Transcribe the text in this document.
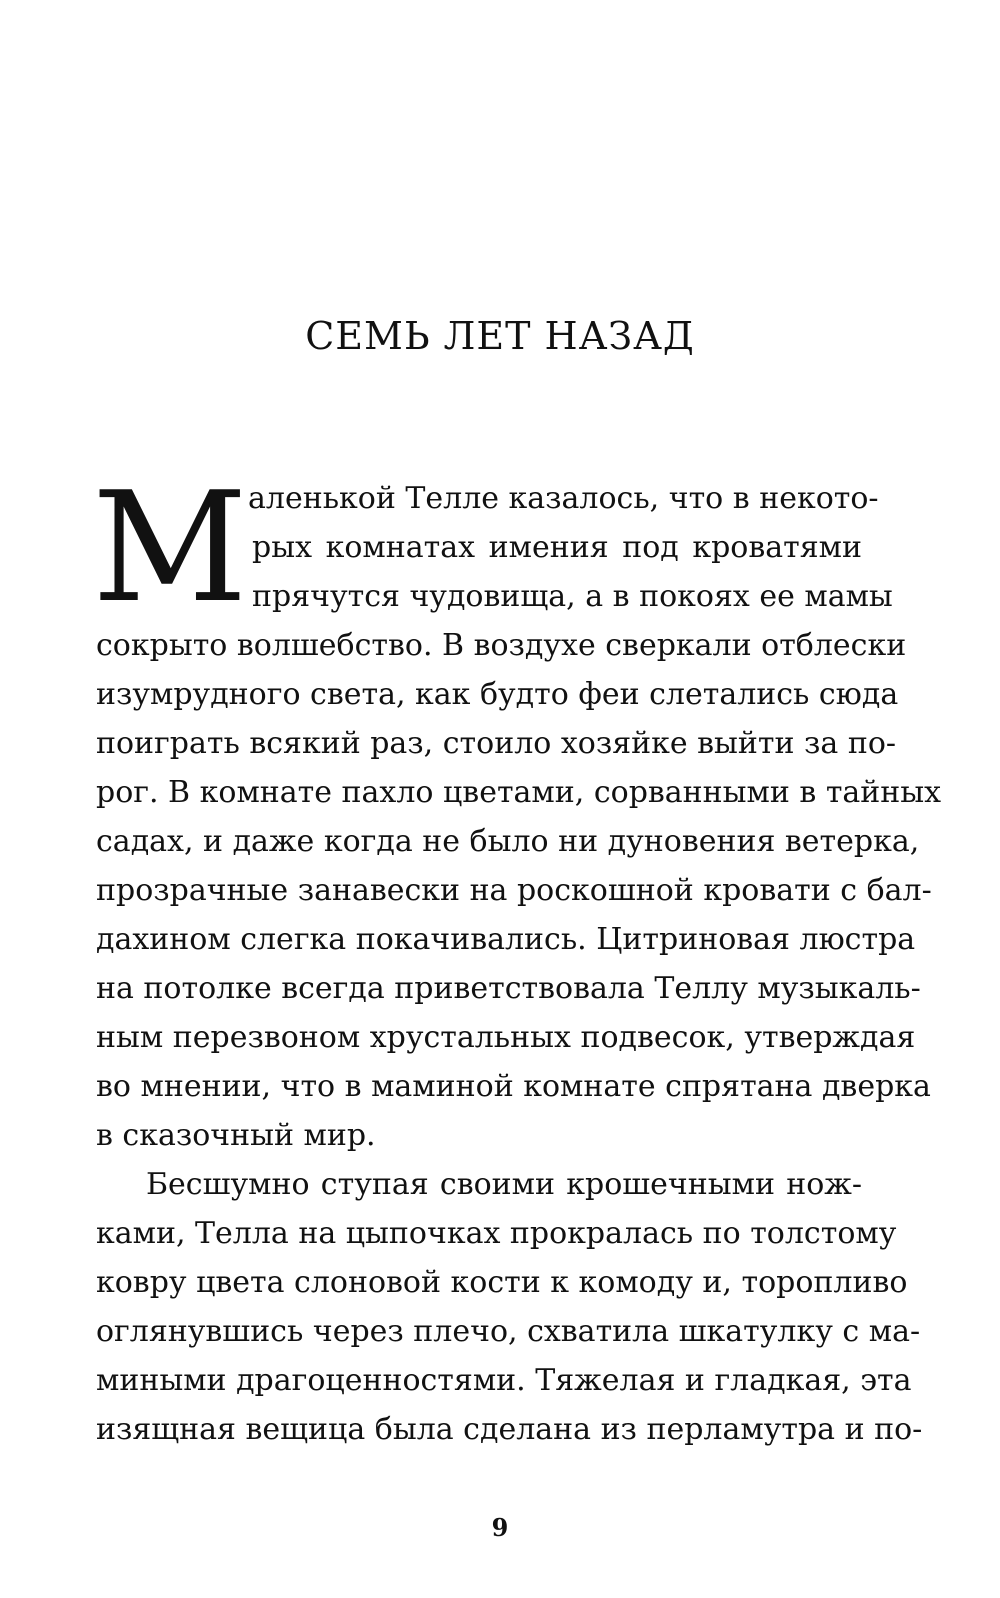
СЕМЬ ЛЕТ НАЗАД
М аленькой Телле казалось, что в некото-
рых комнатах имения под кроватями
прячутся чудовища, а в покоях ее мамы
сокрыто волшебство. В воздухе сверкали отблески
изумрудного света, как будто феи слетались сюда
поиграть всякий раз, стоило хозяйке выйти за по-
рог. В комнате пахло цветами, сорванными в тайных
садах, и даже когда не было ни дуновения ветерка,
прозрачные занавески на роскошной кровати с бал-
дахином слегка покачивались. Цитриновая люстра
на потолке всегда приветствовала Теллу музыкаль-
ным перезвоном хрустальных подвесок, утверждая
во мнении, что в маминой комнате спрятана дверка
в сказочный мир.
Бесшумно ступая своими крошечными нож-
ками, Телла на цыпочках прокралась по толстому
ковру цвета слоновой кости к комоду и, торопливо
оглянувшись через плечо, схватила шкатулку с ма-
миными драгоценностями. Тяжелая и гладкая, эта
изящная вещица была сделана из перламутра и по-
9
